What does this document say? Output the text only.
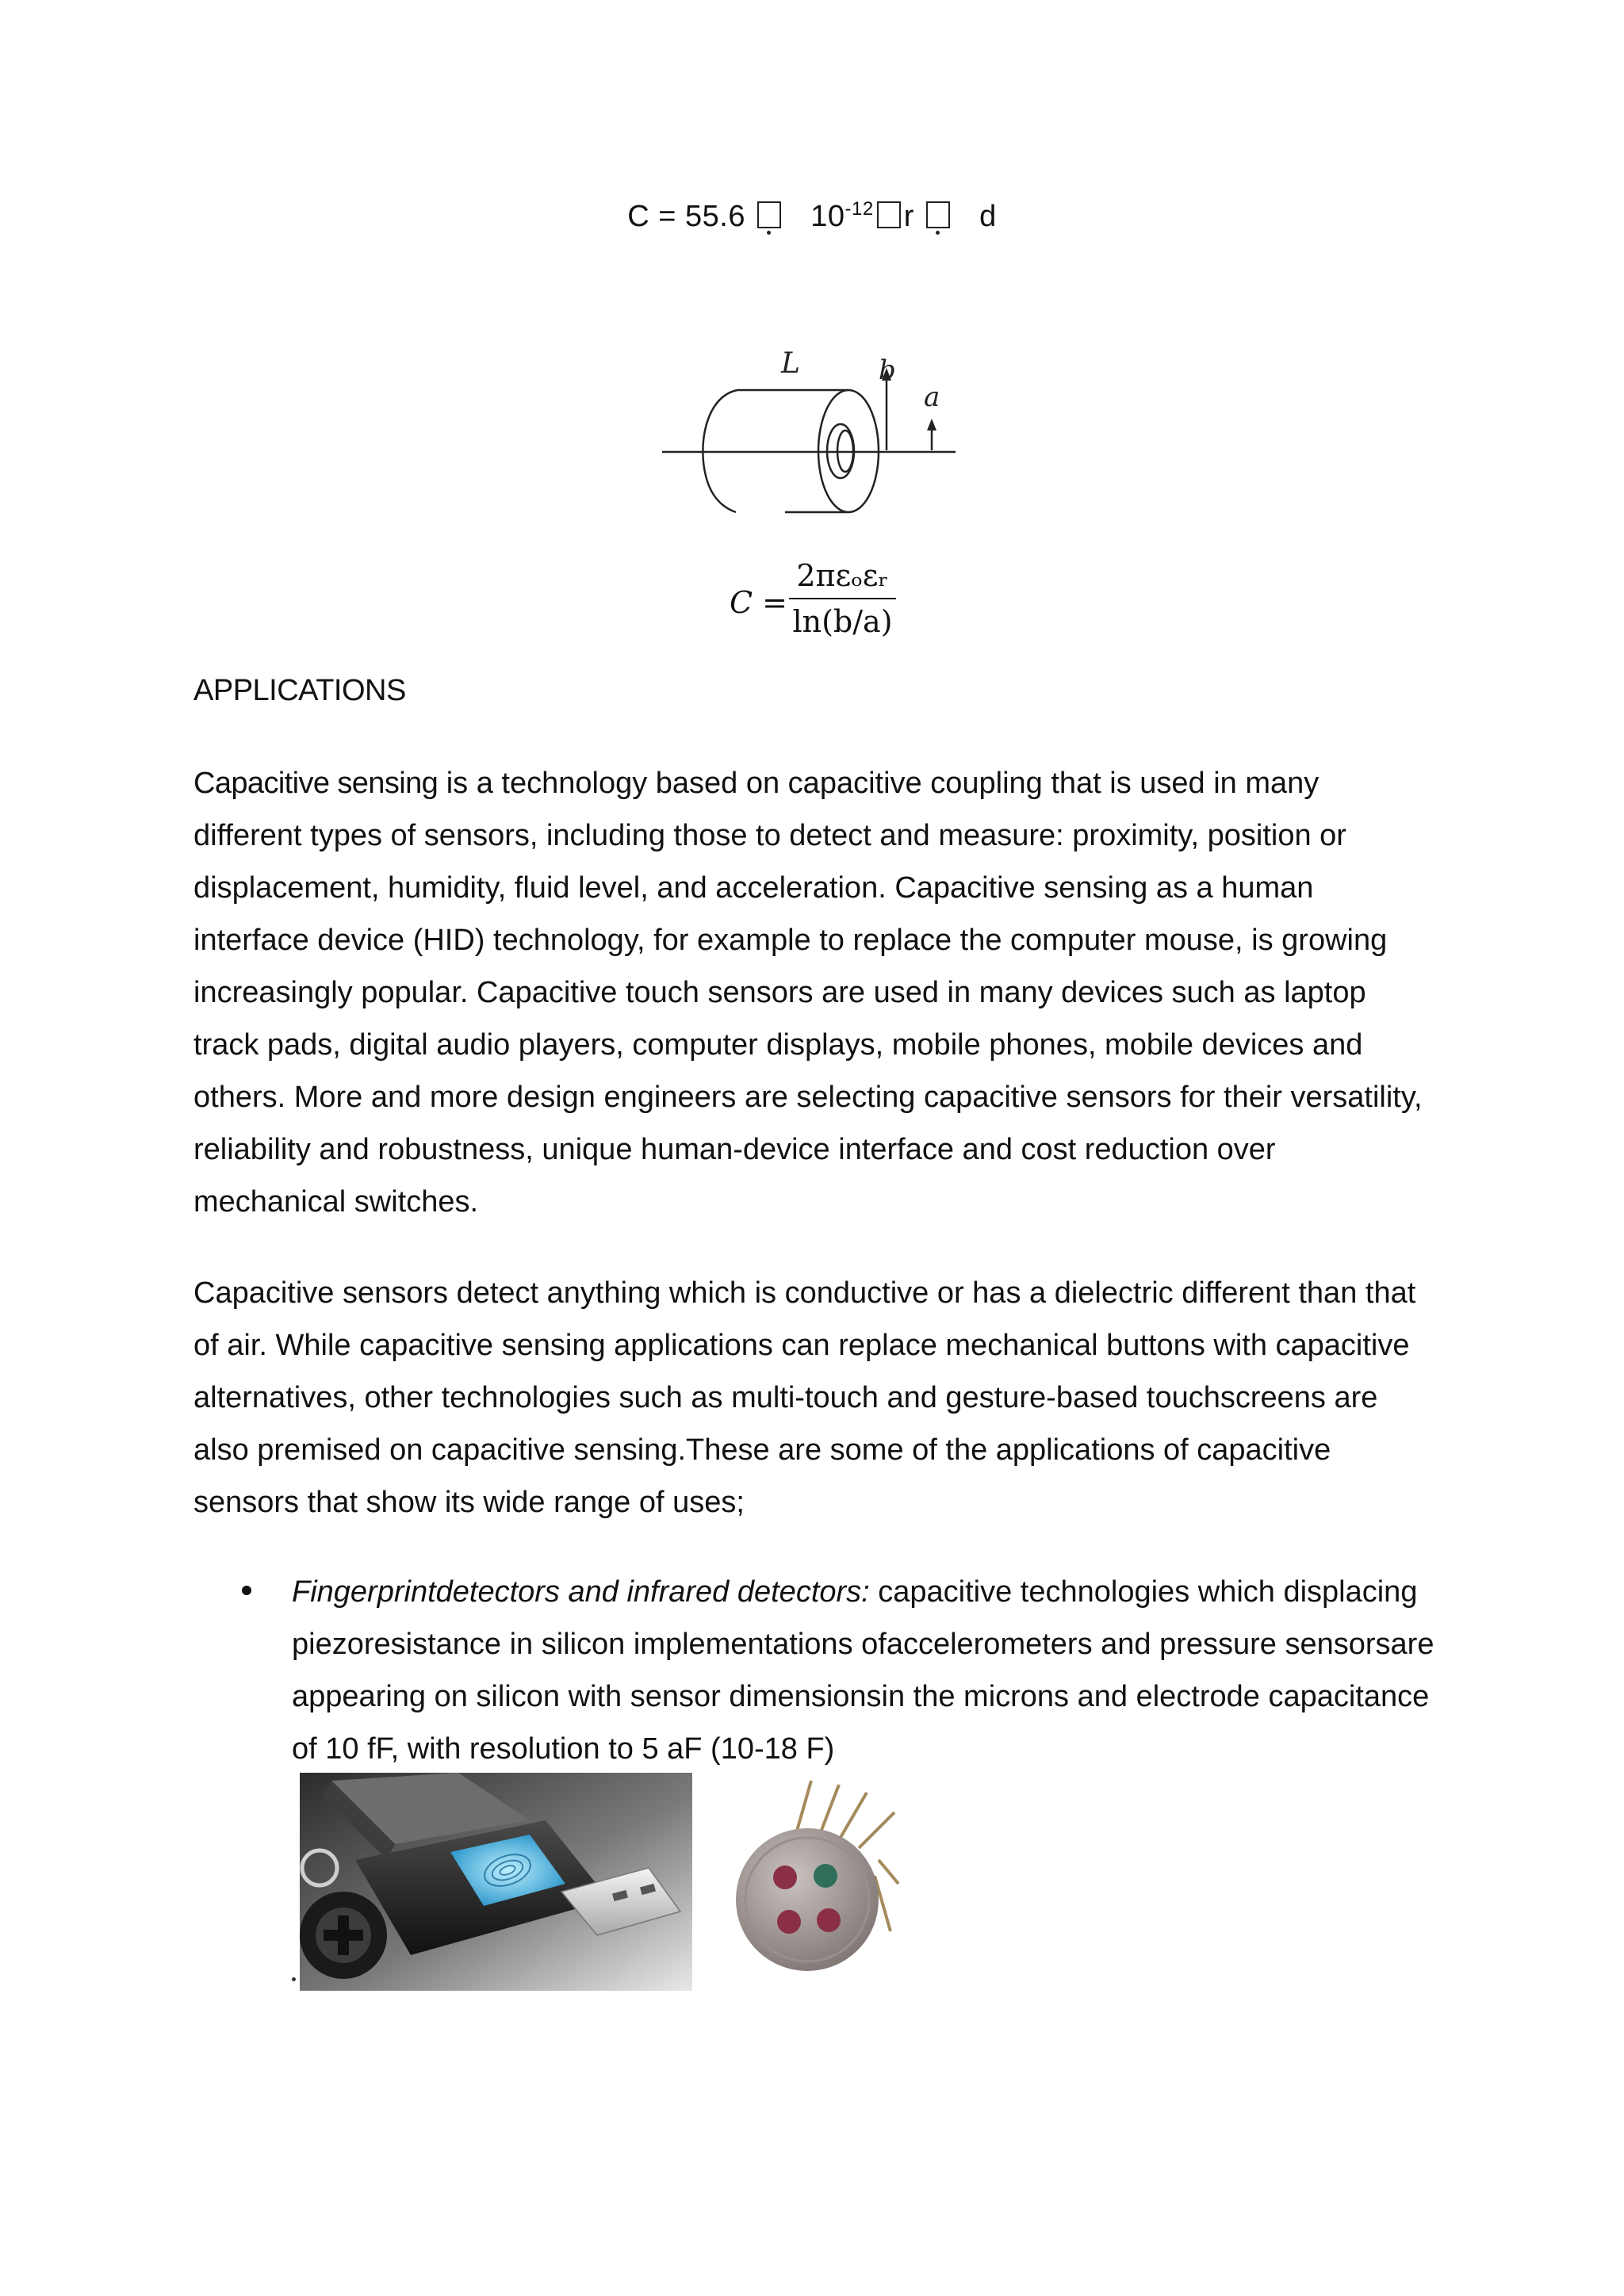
C = 55.6 $10^{-12}$ r d
L	b
a
C =
2πεₒεᵣ
ln(b/a)
APPLICATIONS

Capacitive sensing is a technology based on capacitive coupling that is used in many different types of sensors, including those to detect and measure: proximity, position or displacement, humidity, fluid level, and acceleration. Capacitive sensing as a human interface device (HID) technology, for example to replace the computer mouse, is growing increasingly popular. Capacitive touch sensors are used in many devices such as laptop track pads, digital audio players, computer displays, mobile phones, mobile devices and others. More and more design engineers are selecting capacitive sensors for their versatility, reliability and robustness, unique human-device interface and cost reduction over mechanical switches.

Capacitive sensors detect anything which is conductive or has a dielectric different than that of air. While capacitive sensing applications can replace mechanical buttons with capacitive alternatives, other technologies such as multi-touch and gesture-based touchscreens are also premised on capacitive sensing.These are some of the applications of capacitive sensors that show its wide range of uses;

Fingerprintdetectors and infrared detectors: capacitive technologies which displacing piezoresistance in silicon implementations ofaccelerometers and pressure sensorsare appearing on silicon with sensor dimensionsin the microns and electrode capacitance of 10 fF, with resolution to 5 aF (10-18 F)
